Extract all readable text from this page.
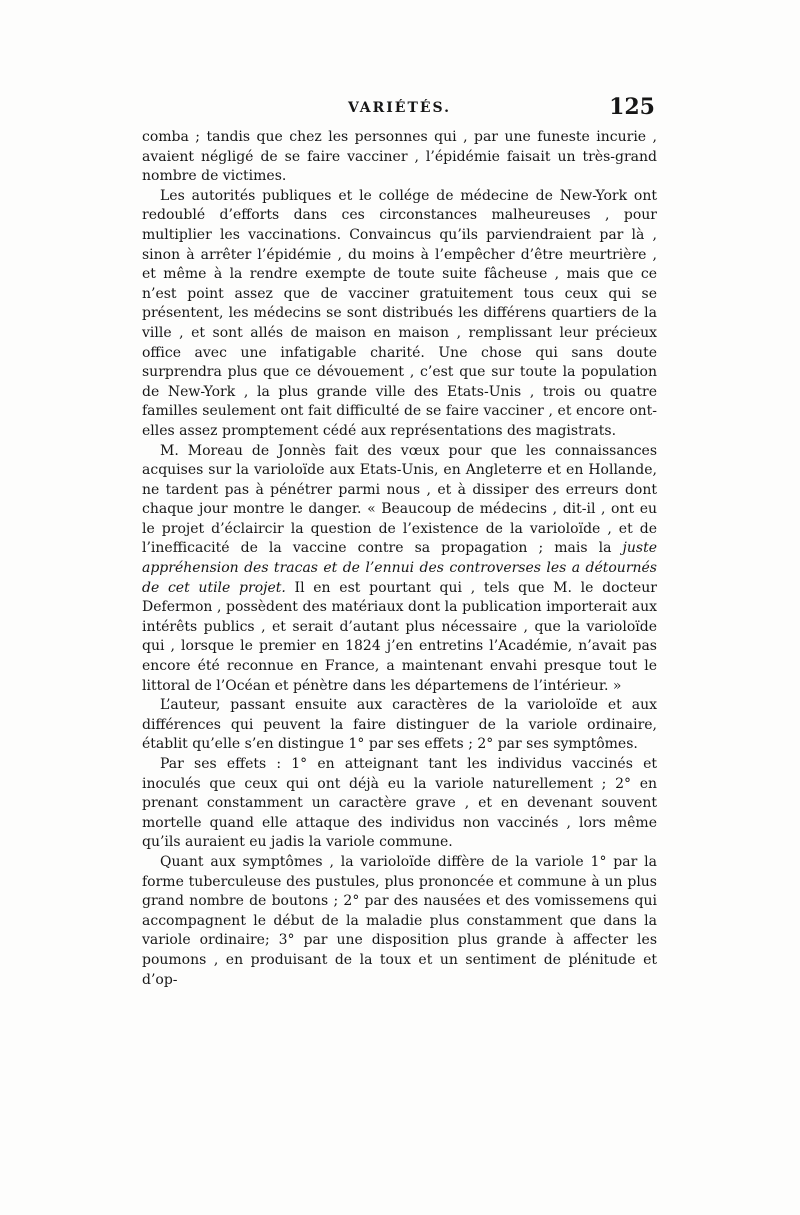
VARIÉTÉS.	125

comba ; tandis que chez les personnes qui , par une funeste incurie , avaient négligé de se faire vacciner , l’épidémie faisait un très-grand nombre de victimes.

Les autorités publiques et le collége de médecine de New-York ont redoublé d’efforts dans ces circonstances malheureuses , pour multiplier les vaccinations. Convaincus qu’ils parviendraient par là , sinon à arrêter l’épidémie , du moins à l’empêcher d’être meurtrière , et même à la rendre exempte de toute suite fâcheuse , mais que ce n’est point assez que de vacciner gratuitement tous ceux qui se présentent, les médecins se sont distribués les différens quartiers de la ville , et sont allés de maison en maison , remplissant leur précieux office avec une infatigable charité. Une chose qui sans doute surprendra plus que ce dévouement , c’est que sur toute la population de New-York , la plus grande ville des Etats-Unis , trois ou quatre familles seulement ont fait difficulté de se faire vacciner , et encore ont-elles assez promptement cédé aux représentations des magistrats.

M. Moreau de Jonnès fait des vœux pour que les connaissances acquises sur la varioloïde aux Etats-Unis, en Angleterre et en Hollande, ne tardent pas à pénétrer parmi nous , et à dissiper des erreurs dont chaque jour montre le danger. « Beaucoup de médecins , dit-il , ont eu le projet d’éclaircir la question de l’existence de la varioloïde , et de l’inefficacité de la vaccine contre sa propagation ; mais la juste appréhension des tracas et de l’ennui des controverses les a détournés de cet utile projet. Il en est pourtant qui , tels que M. le docteur Defermon , possèdent des matériaux dont la publication importerait aux intérêts publics , et serait d’autant plus nécessaire , que la varioloïde qui , lorsque le premier en 1824 j’en entretins l’Académie, n’avait pas encore été reconnue en France, a maintenant envahi presque tout le littoral de l’Océan et pénètre dans les départemens de l’intérieur. »

L’auteur, passant ensuite aux caractères de la varioloïde et aux différences qui peuvent la faire distinguer de la variole ordinaire, établit qu’elle s’en distingue 1° par ses effets ; 2° par ses symptômes.

Par ses effets : 1° en atteignant tant les individus vaccinés et inoculés que ceux qui ont déjà eu la variole naturellement ; 2° en prenant constamment un caractère grave , et en devenant souvent mortelle quand elle attaque des individus non vaccinés , lors même qu’ils auraient eu jadis la variole commune.

Quant aux symptômes , la varioloïde diffère de la variole 1° par la forme tuberculeuse des pustules, plus prononcée et commune à un plus grand nombre de boutons ; 2° par des nausées et des vomissemens qui accompagnent le début de la maladie plus constamment que dans la variole ordinaire; 3° par une disposition plus grande à affecter les poumons , en produisant de la toux et un sentiment de plénitude et d’op-
